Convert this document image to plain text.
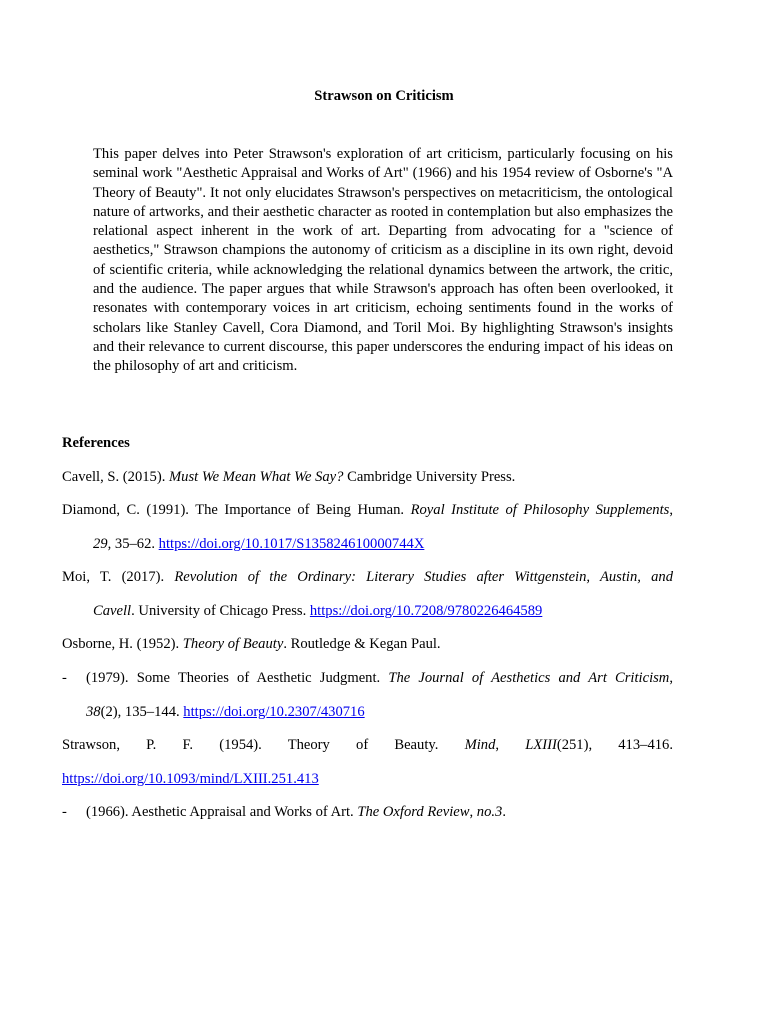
Strawson on Criticism
This paper delves into Peter Strawson's exploration of art criticism, particularly focusing on his seminal work "Aesthetic Appraisal and Works of Art" (1966) and his 1954 review of Osborne's "A Theory of Beauty". It not only elucidates Strawson's perspectives on metacriticism, the ontological nature of artworks, and their aesthetic character as rooted in contemplation but also emphasizes the relational aspect inherent in the work of art. Departing from advocating for a "science of aesthetics," Strawson champions the autonomy of criticism as a discipline in its own right, devoid of scientific criteria, while acknowledging the relational dynamics between the artwork, the critic, and the audience. The paper argues that while Strawson's approach has often been overlooked, it resonates with contemporary voices in art criticism, echoing sentiments found in the works of scholars like Stanley Cavell, Cora Diamond, and Toril Moi. By highlighting Strawson's insights and their relevance to current discourse, this paper underscores the enduring impact of his ideas on the philosophy of art and criticism.
References
Cavell, S. (2015). Must We Mean What We Say? Cambridge University Press.
Diamond, C. (1991). The Importance of Being Human. Royal Institute of Philosophy Supplements,
29, 35–62. https://doi.org/10.1017/S135824610000744X
Moi, T. (2017). Revolution of the Ordinary: Literary Studies after Wittgenstein, Austin, and
Cavell. University of Chicago Press. https://doi.org/10.7208/9780226464589
Osborne, H. (1952). Theory of Beauty. Routledge & Kegan Paul.
- (1979). Some Theories of Aesthetic Judgment. The Journal of Aesthetics and Art Criticism,
38(2), 135–144. https://doi.org/10.2307/430716
Strawson, P. F. (1954). Theory of Beauty. Mind, LXIII(251), 413–416.
https://doi.org/10.1093/mind/LXIII.251.413
- (1966). Aesthetic Appraisal and Works of Art. The Oxford Review, no.3.
